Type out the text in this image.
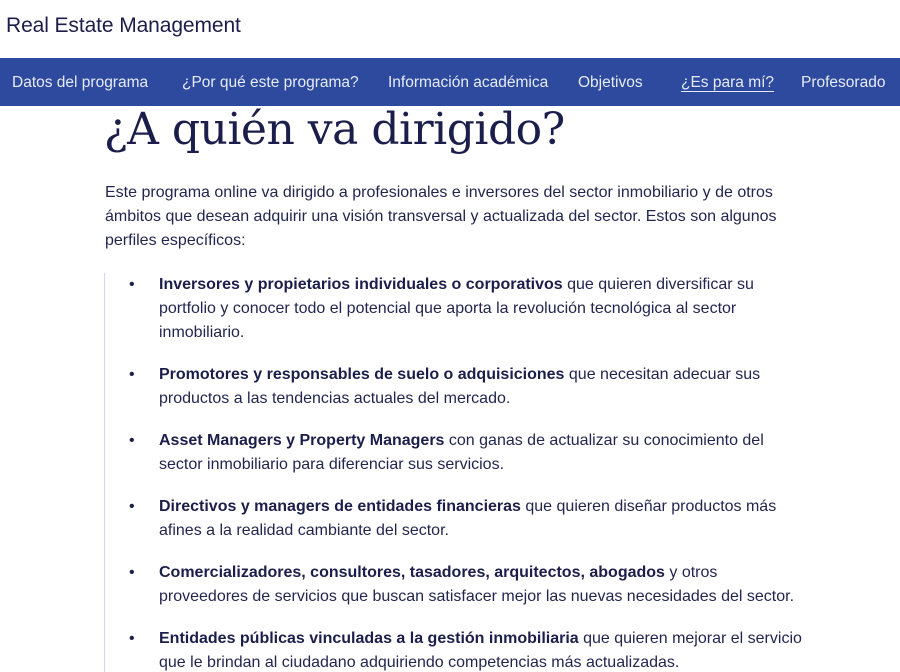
Real Estate Management
Datos del programa ¿Por qué este programa? Información académica Objetivos ¿Es para mí? Profesorado
¿A quién va dirigido?

Este programa online va dirigido a profesionales e inversores del sector inmobiliario y de otros ámbitos que desean adquirir una visión transversal y actualizada del sector. Estos son algunos perfiles específicos:

• Inversores y propietarios individuales o corporativos que quieren diversificar su portfolio y conocer todo el potencial que aporta la revolución tecnológica al sector inmobiliario.
• Promotores y responsables de suelo o adquisiciones que necesitan adecuar sus productos a las tendencias actuales del mercado.
• Asset Managers y Property Managers con ganas de actualizar su conocimiento del sector inmobiliario para diferenciar sus servicios.
• Directivos y managers de entidades financieras que quieren diseñar productos más afines a la realidad cambiante del sector.
• Comercializadores, consultores, tasadores, arquitectos, abogados y otros proveedores de servicios que buscan satisfacer mejor las nuevas necesidades del sector.
• Entidades públicas vinculadas a la gestión inmobiliaria que quieren mejorar el servicio que le brindan al ciudadano adquiriendo competencias más actualizadas.
